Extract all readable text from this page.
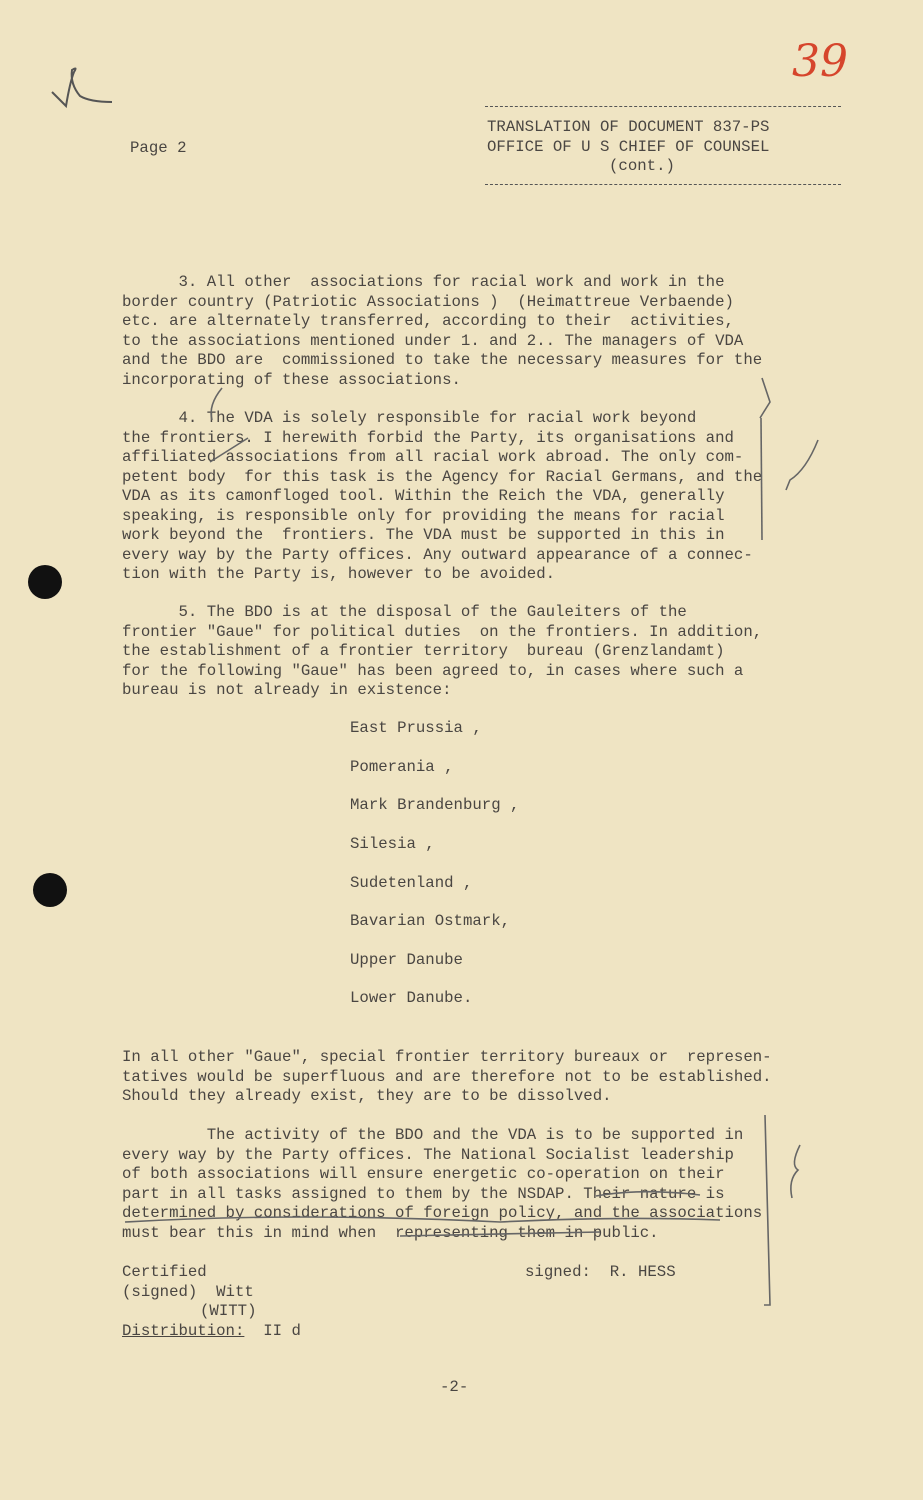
39
Page 2
TRANSLATION OF DOCUMENT 837-PS
OFFICE OF U S CHIEF OF COUNSEL
(cont.)
3. All other  associations for racial work and work in the
border country (Patriotic Associations )  (Heimattreue Verbaende)
etc. are alternately transferred, according to their  activities,
to the associations mentioned under 1. and 2.. The managers of VDA
and the BDO are  commissioned to take the necessary measures for the
incorporating of these associations.
4. The VDA is solely responsible for racial work beyond
the frontiers. I herewith forbid the Party, its organisations and
affiliated associations from all racial work abroad. The only com-
petent body  for this task is the Agency for Racial Germans, and the
VDA as its camonfloged tool. Within the Reich the VDA, generally
speaking, is responsible only for providing the means for racial
work beyond the  frontiers. The VDA must be supported in this in
every way by the Party offices. Any outward appearance of a connec-
tion with the Party is, however to be avoided.
5. The BDO is at the disposal of the Gauleiters of the
frontier "Gaue" for political duties  on the frontiers. In addition,
the establishment of a frontier territory  bureau (Grenzlandamt)
for the following "Gaue" has been agreed to, in cases where such a
bureau is not already in existence:
East Prussia ,
Pomerania ,
Mark Brandenburg ,
Silesia ,
Sudetenland ,
Bavarian Ostmark,
Upper Danube
Lower Danube.
In all other "Gaue", special frontier territory bureaux or  represen-
tatives would be superfluous and are therefore not to be established.
Should they already exist, they are to be dissolved.
The activity of the BDO and the VDA is to be supported in
every way by the Party offices. The National Socialist leadership
of both associations will ensure energetic co-operation on their
part in all tasks assigned to them by the NSDAP. Their nature is
determined by considerations of foreign policy, and the associations
must bear this in mind when  representing them in public.
Certified
(signed)  Witt
(WITT)
Distribution: II d
signed:  R. HESS
-2-
